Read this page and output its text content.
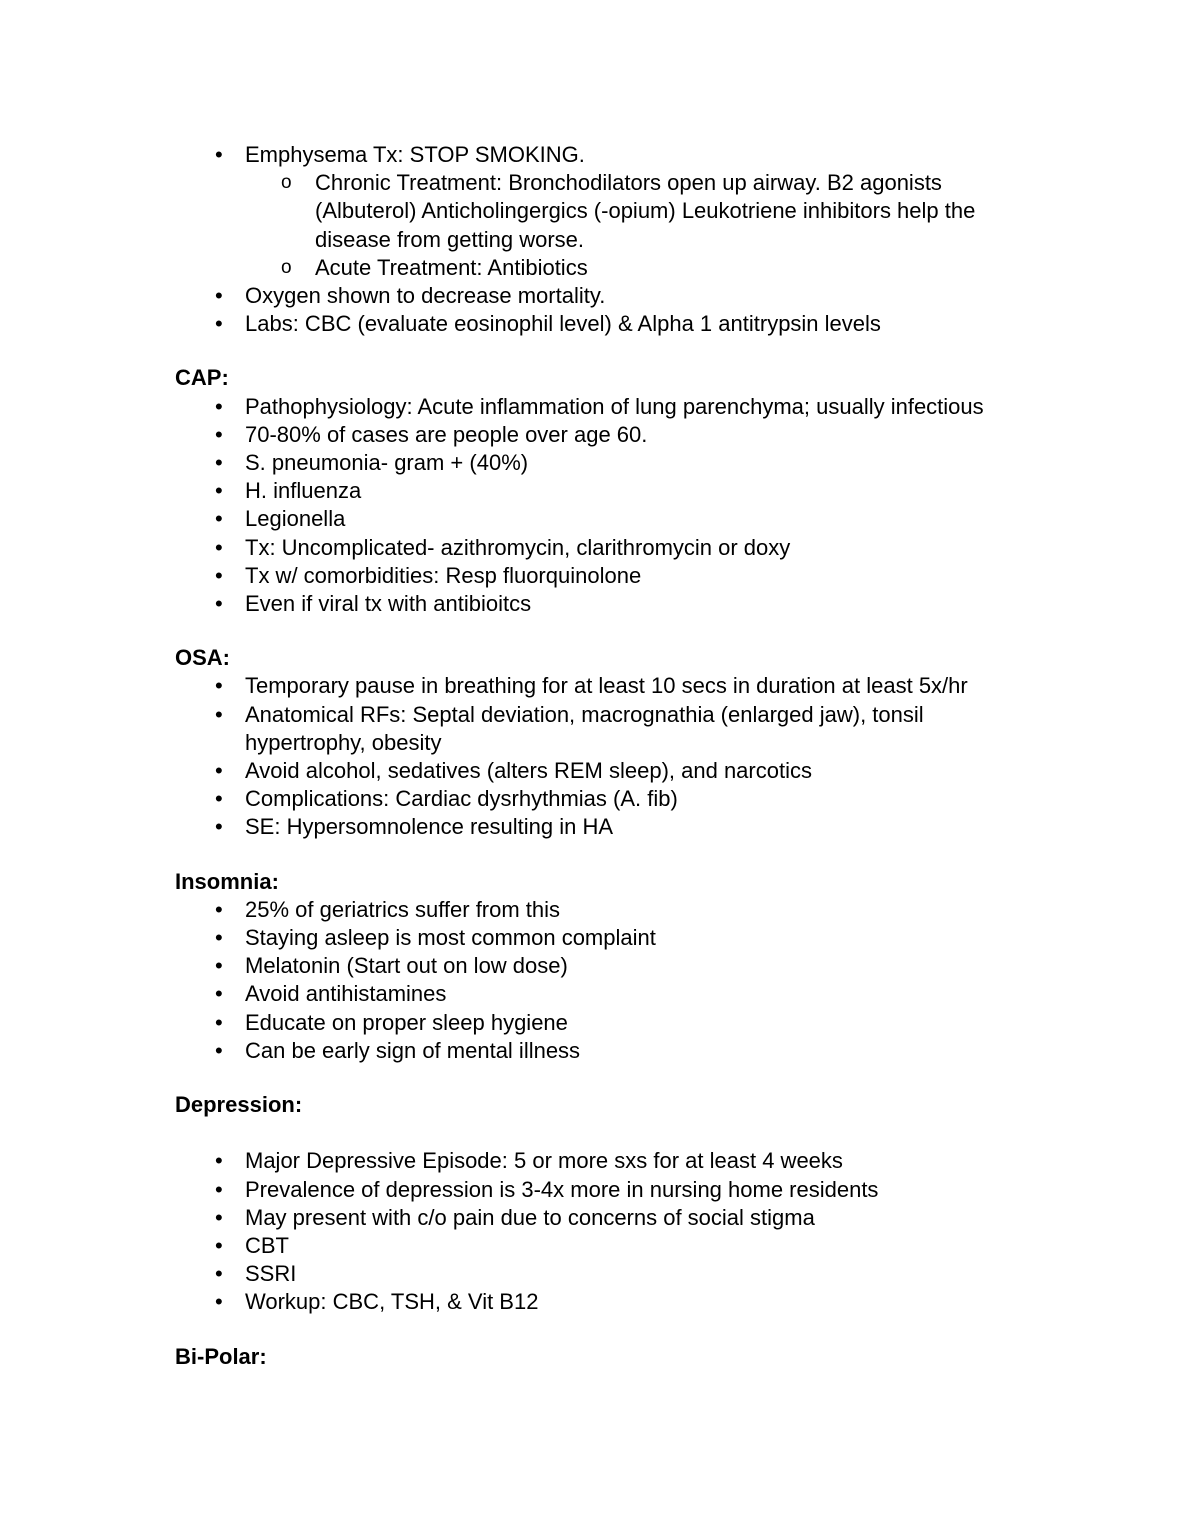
• Emphysema Tx: STOP SMOKING.
o Chronic Treatment: Bronchodilators open up airway. B2 agonists (Albuterol) Anticholingergics (-opium) Leukotriene inhibitors help the disease from getting worse.
o Acute Treatment: Antibiotics
• Oxygen shown to decrease mortality.
• Labs: CBC (evaluate eosinophil level) & Alpha 1 antitrypsin levels
CAP:
• Pathophysiology: Acute inflammation of lung parenchyma; usually infectious
• 70-80% of cases are people over age 60.
• S. pneumonia- gram + (40%)
• H. influenza
• Legionella
• Tx: Uncomplicated- azithromycin, clarithromycin or doxy
• Tx w/ comorbidities: Resp fluorquinolone
• Even if viral tx with antibioitcs
OSA:
• Temporary pause in breathing for at least 10 secs in duration at least 5x/hr
• Anatomical RFs: Septal deviation, macrognathia (enlarged jaw), tonsil hypertrophy, obesity
• Avoid alcohol, sedatives (alters REM sleep), and narcotics
• Complications: Cardiac dysrhythmias (A. fib)
• SE: Hypersomnolence resulting in HA
Insomnia:
• 25% of geriatrics suffer from this
• Staying asleep is most common complaint
• Melatonin (Start out on low dose)
• Avoid antihistamines
• Educate on proper sleep hygiene
• Can be early sign of mental illness
Depression:
• Major Depressive Episode: 5 or more sxs for at least 4 weeks
• Prevalence of depression is 3-4x more in nursing home residents
• May present with c/o pain due to concerns of social stigma
• CBT
• SSRI
• Workup: CBC, TSH, & Vit B12
Bi-Polar:
